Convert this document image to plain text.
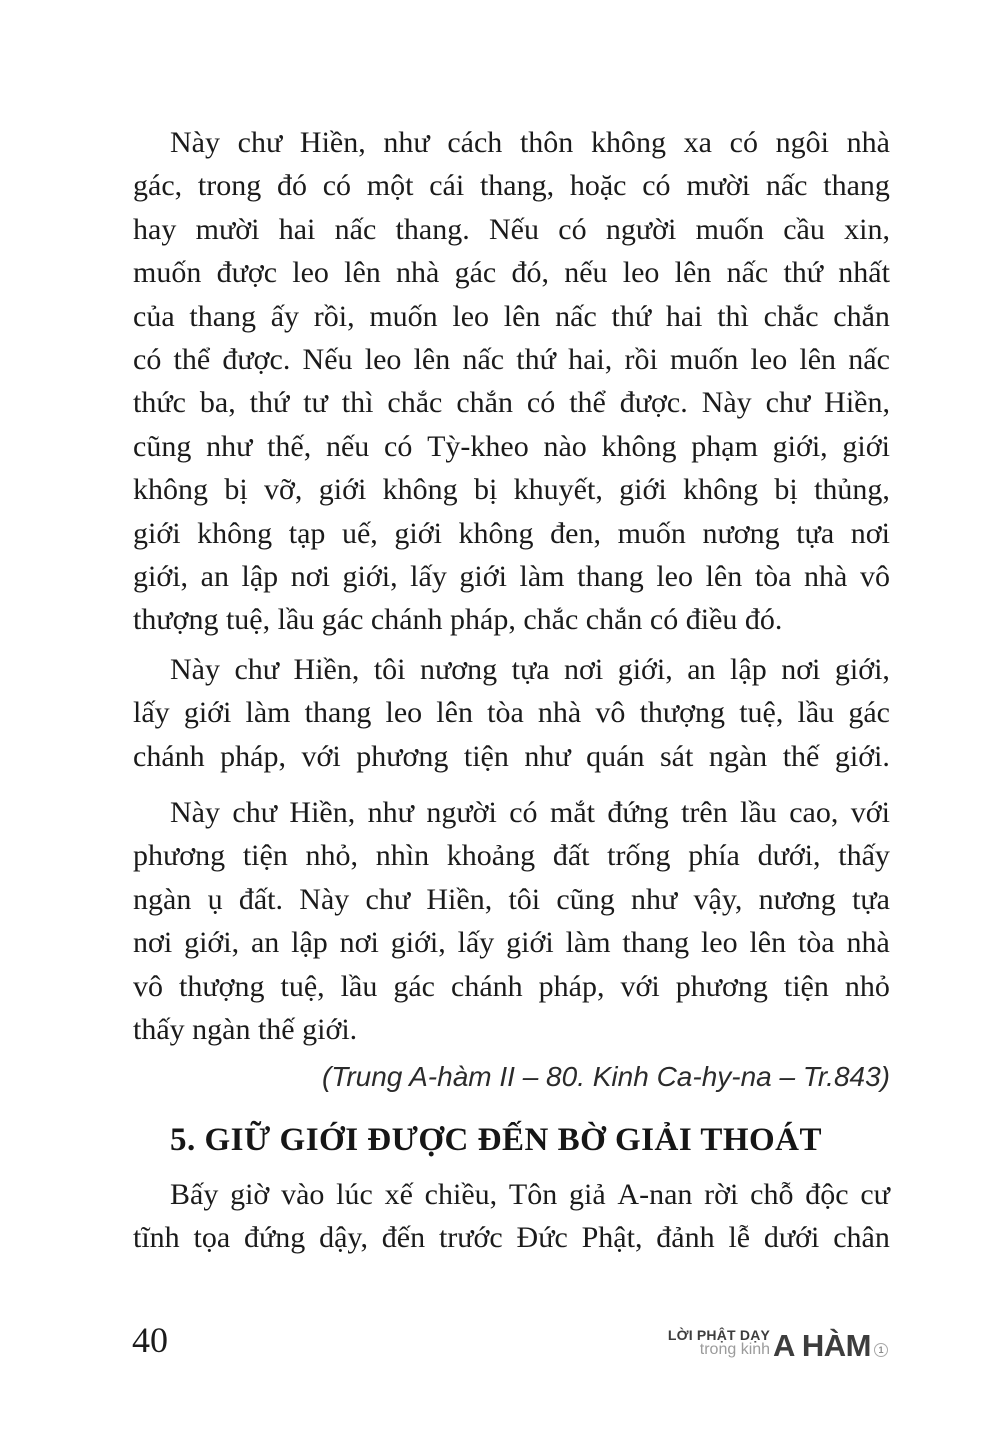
Này chư Hiền, như cách thôn không xa có ngôi nhà
gác, trong đó có một cái thang, hoặc có mười nấc thang
hay mười hai nấc thang. Nếu có người muốn cầu xin,
muốn được leo lên nhà gác đó, nếu leo lên nấc thứ nhất
của thang ấy rồi, muốn leo lên nấc thứ hai thì chắc chắn
có thể được. Nếu leo lên nấc thứ hai, rồi muốn leo lên nấc
thức ba, thứ tư thì chắc chắn có thể được. Này chư Hiền,
cũng như thế, nếu có Tỳ-kheo nào không phạm giới, giới
không bị vỡ, giới không bị khuyết, giới không bị thủng,
giới không tạp uế, giới không đen, muốn nương tựa nơi
giới, an lập nơi giới, lấy giới làm thang leo lên tòa nhà vô
thượng tuệ, lầu gác chánh pháp, chắc chắn có điều đó.
Này chư Hiền, tôi nương tựa nơi giới, an lập nơi giới,
lấy giới làm thang leo lên tòa nhà vô thượng tuệ, lầu gác
chánh pháp, với phương tiện như quán sát ngàn thế giới.
Này chư Hiền, như người có mắt đứng trên lầu cao, với
phương tiện nhỏ, nhìn khoảng đất trống phía dưới, thấy
ngàn ụ đất. Này chư Hiền, tôi cũng như vậy, nương tựa
nơi giới, an lập nơi giới, lấy giới làm thang leo lên tòa nhà
vô thượng tuệ, lầu gác chánh pháp, với phương tiện nhỏ
thấy ngàn thế giới.
(Trung A-hàm II – 80. Kinh Ca-hy-na – Tr.843)
5. GIỮ GIỚI ĐƯỢC ĐẾN BỜ GIẢI THOÁT
Bấy giờ vào lúc xế chiều, Tôn giả A-nan rời chỗ độc cư
tĩnh tọa đứng dậy, đến trước Đức Phật, đảnh lễ dưới chân
40	LỜI PHẬT DẠY
trong kinh A HÀM 1
